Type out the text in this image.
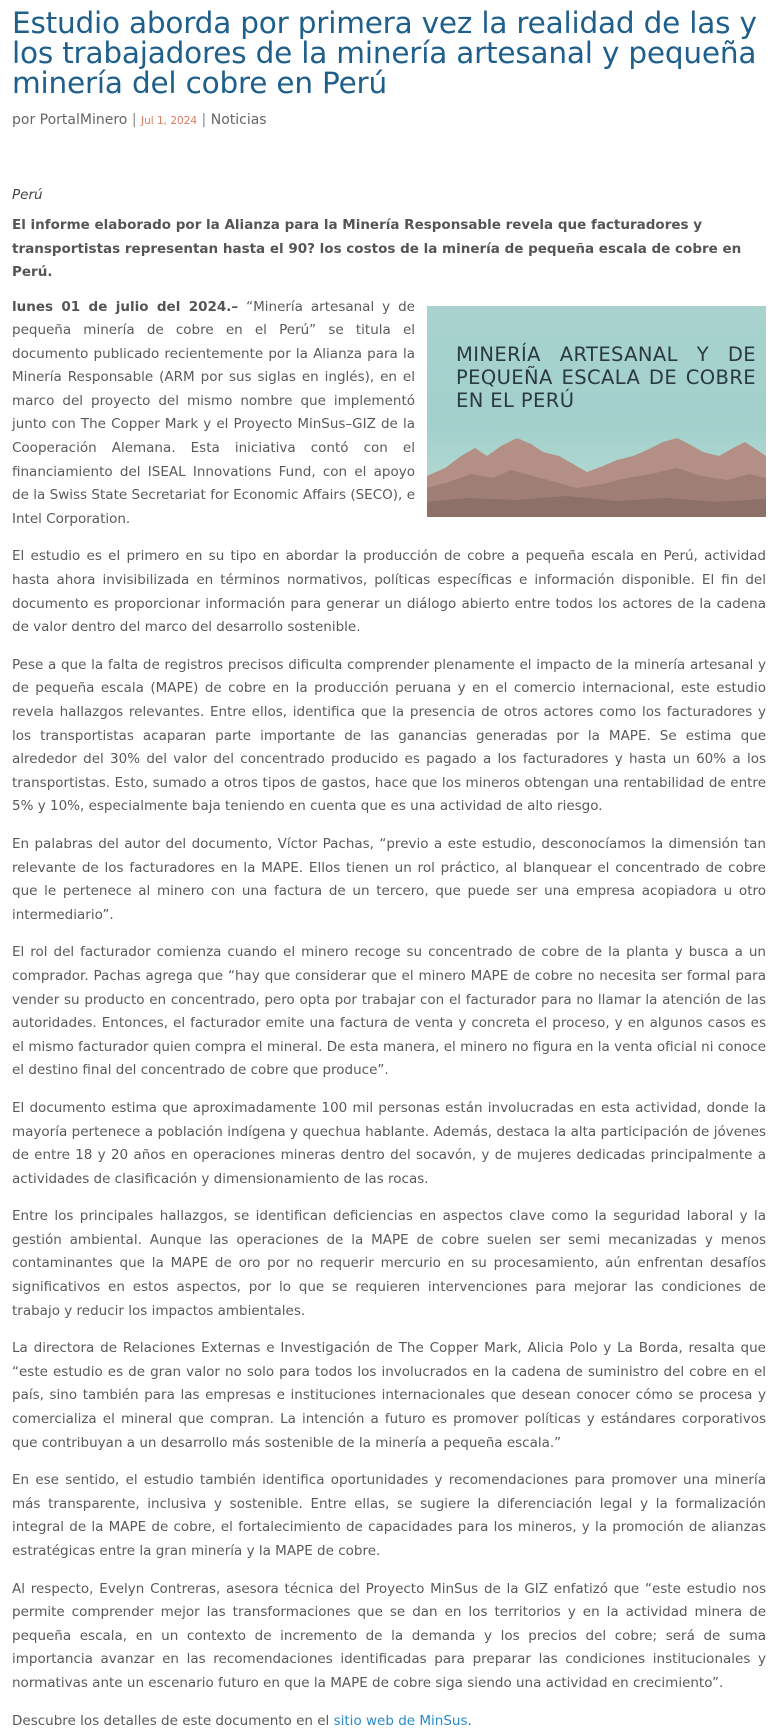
Estudio aborda por primera vez la realidad de las y los trabajadores de la minería artesanal y pequeña minería del cobre en Perú
por PortalMinero | Jul 1, 2024 | Noticias
Perú
El informe elaborado por la Alianza para la Minería Responsable revela que facturadores y transportistas representan hasta el 90? los costos de la minería de pequeña escala de cobre en Perú.
MINERÍA ARTESANAL Y DE PEQUEÑA ESCALA DE COBRE EN EL PERÚ

lunes 01 de julio del 2024.– “Minería artesanal y de pequeña minería de cobre en el Perú” se titula el documento publicado recientemente por la Alianza para la Minería Responsable (ARM por sus siglas en inglés), en el marco del proyecto del mismo nombre que implementó junto con The Copper Mark y el Proyecto MinSus–GIZ de la Cooperación Alemana. Esta iniciativa contó con el financiamiento del ISEAL Innovations Fund, con el apoyo de la Swiss State Secretariat for Economic Affairs (SECO), e Intel Corporation.

El estudio es el primero en su tipo en abordar la producción de cobre a pequeña escala en Perú, actividad hasta ahora invisibilizada en términos normativos, políticas específicas e información disponible. El fin del documento es proporcionar información para generar un diálogo abierto entre todos los actores de la cadena de valor dentro del marco del desarrollo sostenible.

Pese a que la falta de registros precisos dificulta comprender plenamente el impacto de la minería artesanal y de pequeña escala (MAPE) de cobre en la producción peruana y en el comercio internacional, este estudio revela hallazgos relevantes. Entre ellos, identifica que la presencia de otros actores como los facturadores y los transportistas acaparan parte importante de las ganancias generadas por la MAPE. Se estima que alrededor del 30% del valor del concentrado producido es pagado a los facturadores y hasta un 60% a los transportistas. Esto, sumado a otros tipos de gastos, hace que los mineros obtengan una rentabilidad de entre 5% y 10%, especialmente baja teniendo en cuenta que es una actividad de alto riesgo.

En palabras del autor del documento, Víctor Pachas, “previo a este estudio, desconocíamos la dimensión tan relevante de los facturadores en la MAPE. Ellos tienen un rol práctico, al blanquear el concentrado de cobre que le pertenece al minero con una factura de un tercero, que puede ser una empresa acopiadora u otro intermediario”.

El rol del facturador comienza cuando el minero recoge su concentrado de cobre de la planta y busca a un comprador. Pachas agrega que “hay que considerar que el minero MAPE de cobre no necesita ser formal para vender su producto en concentrado, pero opta por trabajar con el facturador para no llamar la atención de las autoridades. Entonces, el facturador emite una factura de venta y concreta el proceso, y en algunos casos es el mismo facturador quien compra el mineral. De esta manera, el minero no figura en la venta oficial ni conoce el destino final del concentrado de cobre que produce”.

El documento estima que aproximadamente 100 mil personas están involucradas en esta actividad, donde la mayoría pertenece a población indígena y quechua hablante. Además, destaca la alta participación de jóvenes de entre 18 y 20 años en operaciones mineras dentro del socavón, y de mujeres dedicadas principalmente a actividades de clasificación y dimensionamiento de las rocas.

Entre los principales hallazgos, se identifican deficiencias en aspectos clave como la seguridad laboral y la gestión ambiental. Aunque las operaciones de la MAPE de cobre suelen ser semi mecanizadas y menos contaminantes que la MAPE de oro por no requerir mercurio en su procesamiento, aún enfrentan desafíos significativos en estos aspectos, por lo que se requieren intervenciones para mejorar las condiciones de trabajo y reducir los impactos ambientales.

La directora de Relaciones Externas e Investigación de The Copper Mark, Alicia Polo y La Borda, resalta que “este estudio es de gran valor no solo para todos los involucrados en la cadena de suministro del cobre en el país, sino también para las empresas e instituciones internacionales que desean conocer cómo se procesa y comercializa el mineral que compran. La intención a futuro es promover políticas y estándares corporativos que contribuyan a un desarrollo más sostenible de la minería a pequeña escala.”

En ese sentido, el estudio también identifica oportunidades y recomendaciones para promover una minería más transparente, inclusiva y sostenible. Entre ellas, se sugiere la diferenciación legal y la formalización integral de la MAPE de cobre, el fortalecimiento de capacidades para los mineros, y la promoción de alianzas estratégicas entre la gran minería y la MAPE de cobre.

Al respecto, Evelyn Contreras, asesora técnica del Proyecto MinSus de la GIZ enfatizó que “este estudio nos permite comprender mejor las transformaciones que se dan en los territorios y en la actividad minera de pequeña escala, en un contexto de incremento de la demanda y los precios del cobre; será de suma importancia avanzar en las recomendaciones identificadas para preparar las condiciones institucionales y normativas ante un escenario futuro en que la MAPE de cobre siga siendo una actividad en crecimiento”.

Descubre los detalles de este documento en el sitio web de MinSus.
